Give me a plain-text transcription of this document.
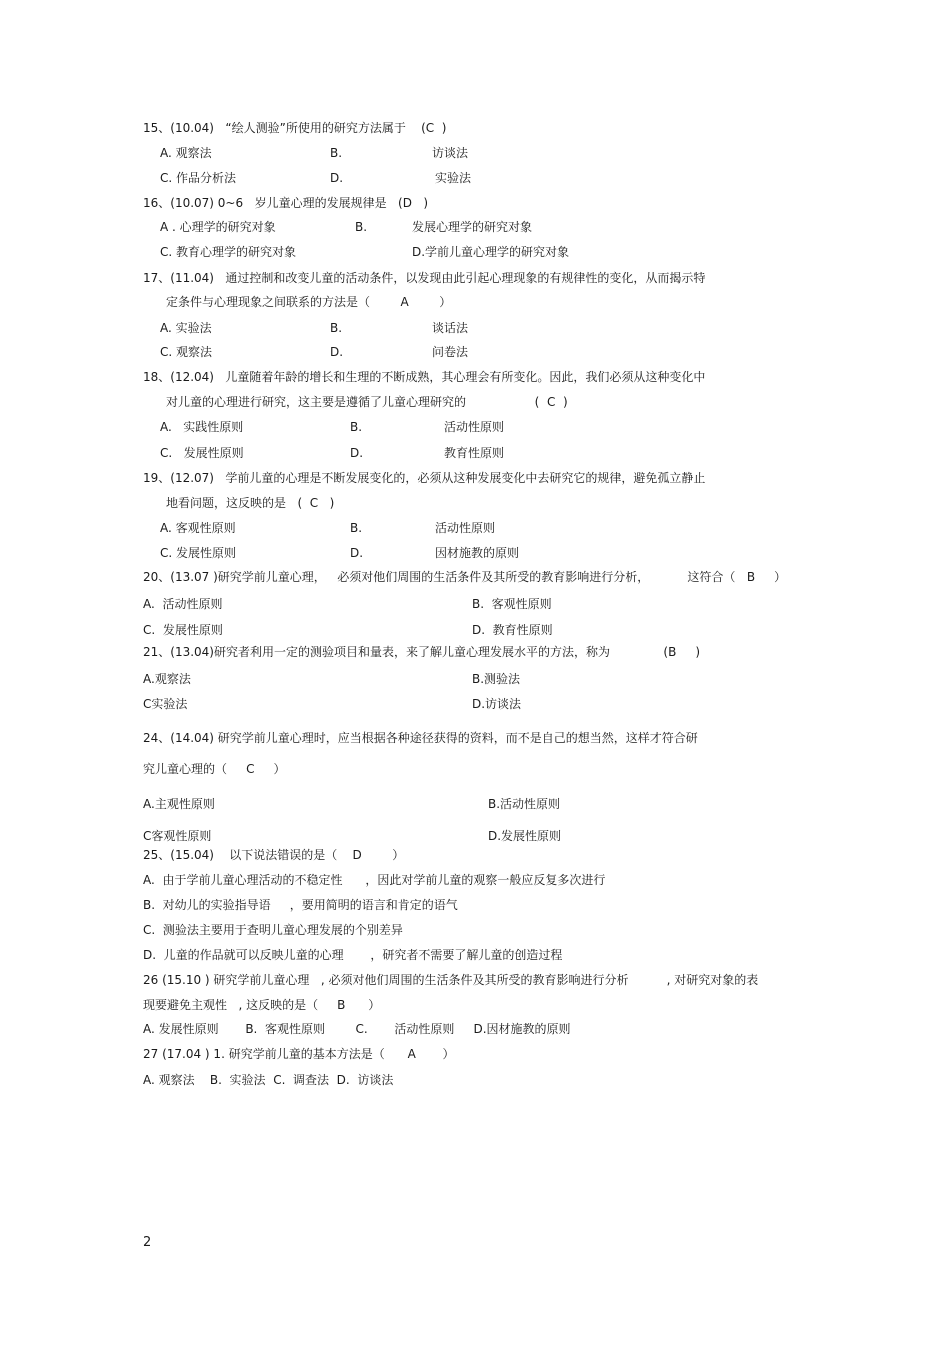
15、(10.04)   “绘人测验”所使用的研究方法属于    (C  )
A. 观察法	B.	访谈法
C. 作品分析法	D.	实验法
16、(10.07) 0~6   岁儿童心理的发展规律是   (D   )
A . 心理学的研究对象	B.	发展心理学的研究对象
C. 教育心理学的研究对象	D.学前儿童心理学的研究对象
17、(11.04)   通过控制和改变儿童的活动条件，以发现由此引起心理现象的有规律性的变化，从而揭示特
定条件与心理现象之间联系的方法是（        A        ）
A. 实验法	B.	谈话法
C. 观察法	D.	问卷法
18、(12.04)   儿童随着年龄的增长和生理的不断成熟，其心理会有所变化。因此，我们必须从这种变化中
对儿童的心理进行研究，这主要是遵循了儿童心理研究的                  (  C  )
A.   实践性原则	B.	活动性原则
C.   发展性原则	D.	教育性原则
19、(12.07)   学前儿童的心理是不断发展变化的，必须从这种发展变化中去研究它的规律，避免孤立静止
地看问题，这反映的是   (  C   )
A. 客观性原则	B.	活动性原则
C. 发展性原则	D.	因材施教的原则
20、(13.07 )研究学前儿童心理，   必须对他们周围的生活条件及其所受的教育影响进行分析，          这符合（   B     ）
A.  活动性原则	B.  客观性原则
C.  发展性原则	D.  教育性原则
21、(13.04)研究者利用一定的测验项目和量表，来了解儿童心理发展水平的方法，称为              (B     )
A.观察法	B.测验法
C实验法	D.访谈法
24、(14.04) 研究学前儿童心理时，应当根据各种途径获得的资料，而不是自己的想当然，这样才符合研
究儿童心理的（     C     ）
A.主观性原则	B.活动性原则
C客观性原则	D.发展性原则
25、(15.04)    以下说法错误的是（    D        ）
A.  由于学前儿童心理活动的不稳定性      ，因此对学前儿童的观察一般应反复多次进行
B.  对幼儿的实验指导语     ，要用简明的语言和肯定的语气
C.  测验法主要用于查明儿童心理发展的个别差异
D.  儿童的作品就可以反映儿童的心理       ，研究者不需要了解儿童的创造过程
26 (15.10 ) 研究学前儿童心理   , 必须对他们周围的生活条件及其所受的教育影响进行分析          , 对研究对象的表
现要避免主观性   , 这反映的是（     B      ）
A. 发展性原则       B.  客观性原则        C.       活动性原则     D.因材施教的原则
27 (17.04 ) 1. 研究学前儿童的基本方法是（      A       ）
A. 观察法    B.  实验法  C.  调查法  D.  访谈法
2
